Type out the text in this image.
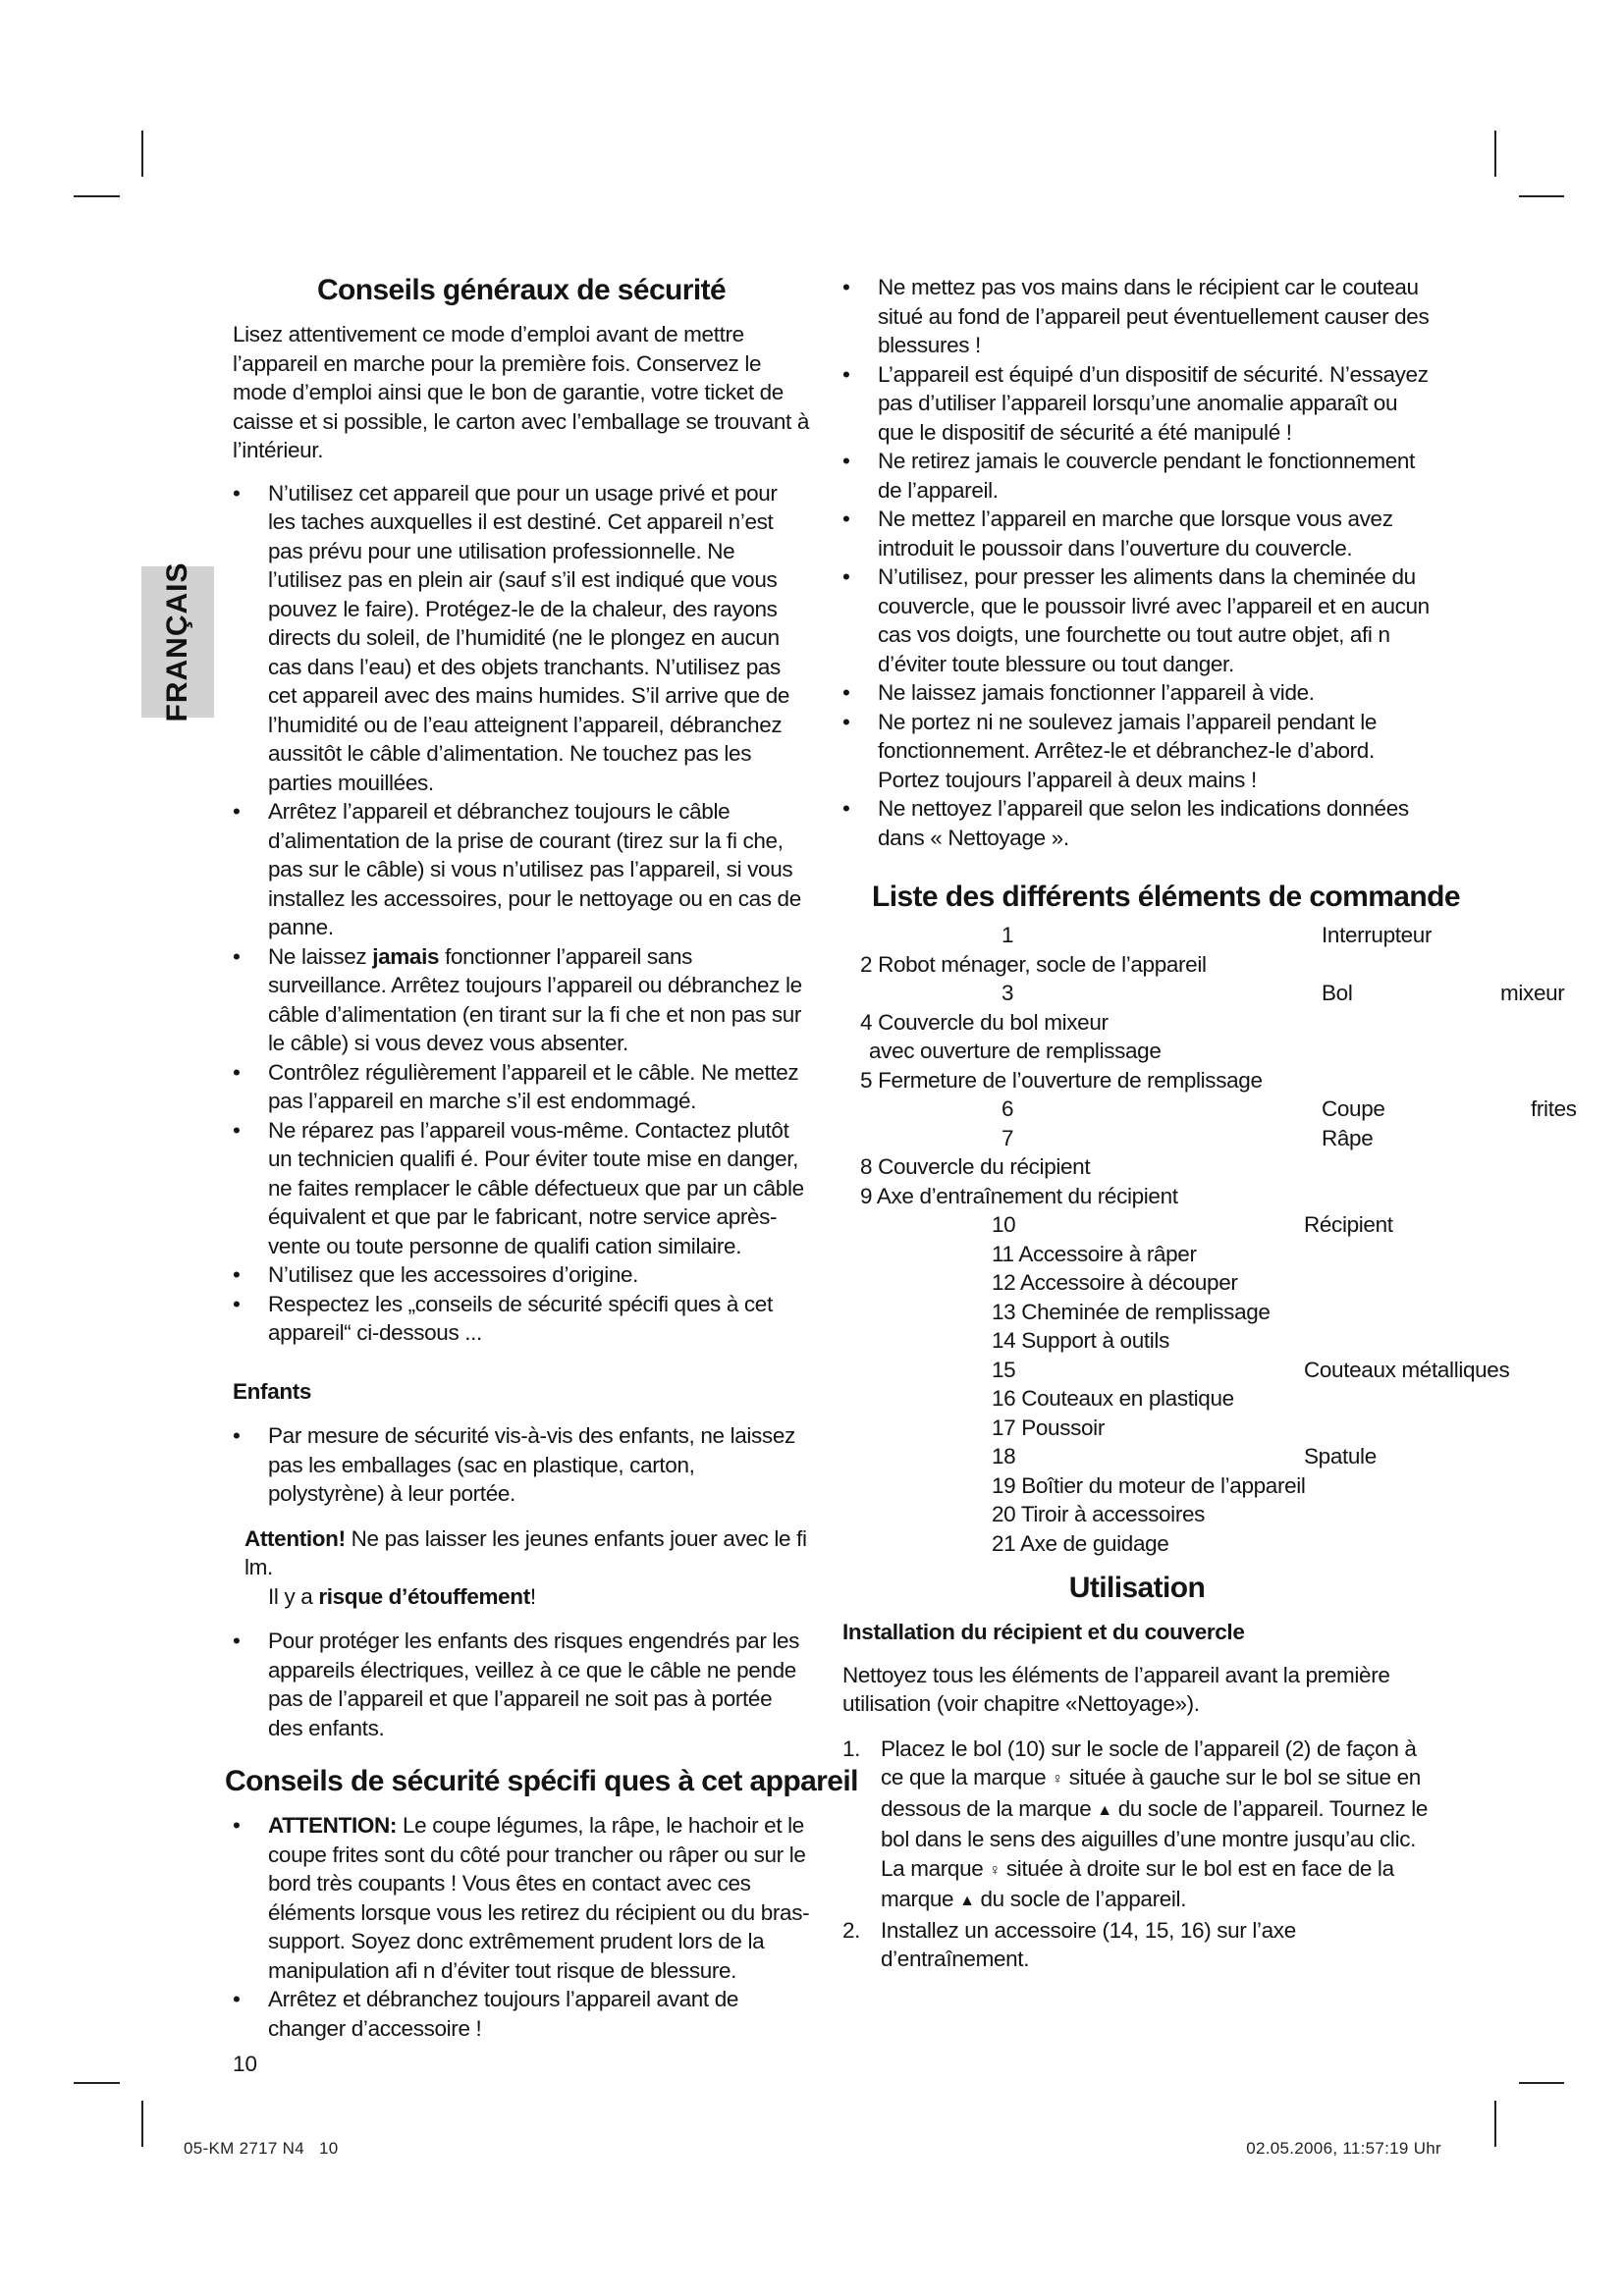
FRANÇAIS
Conseils généraux de sécurité

Lisez attentivement ce mode d’emploi avant de mettre l’appareil en marche pour la première fois. Conservez le mode d’emploi ainsi que le bon de garantie, votre ticket de caisse et si possible, le carton avec l’emballage se trouvant à l’intérieur.

• N’utilisez cet appareil que pour un usage privé et pour les taches auxquelles il est destiné. Cet appareil n’est pas prévu pour une utilisation professionnelle. Ne l’utilisez pas en plein air (sauf s’il est indiqué que vous pouvez le faire). Protégez-le de la chaleur, des rayons directs du soleil, de l’humidité (ne le plongez en aucun cas dans l’eau) et des objets tranchants. N’utilisez pas cet appareil avec des mains humides. S’il arrive que de l’humidité ou de l’eau atteignent l’appareil, débranchez aussitôt le câble d’alimentation. Ne touchez pas les parties mouillées.
• Arrêtez l’appareil et débranchez toujours le câble d’alimentation de la prise de courant (tirez sur la fi che, pas sur le câble) si vous n’utilisez pas l’appareil, si vous installez les accessoires, pour le nettoyage ou en cas de panne.
• Ne laissez jamais fonctionner l’appareil sans surveillance. Arrêtez toujours l’appareil ou débranchez le câble d’alimentation (en tirant sur la fi che et non pas sur le câble) si vous devez vous absenter.
• Contrôlez régulièrement l’appareil et le câble. Ne mettez pas l’appareil en marche s’il est endommagé.
• Ne réparez pas l’appareil vous-même. Contactez plutôt un technicien qualifi é. Pour éviter toute mise en danger, ne faites remplacer le câble défectueux que par un câble équivalent et que par le fabricant, notre service après-vente ou toute personne de qualifi cation similaire.
• N’utilisez que les accessoires d’origine.
• Respectez les „conseils de sécurité spécifi ques à cet appareil“ ci-dessous ...
Enfants
• Par mesure de sécurité vis-à-vis des enfants, ne laissez pas les emballages (sac en plastique, carton, polystyrène) à leur portée.
Attention! Ne pas laisser les jeunes enfants jouer avec le fi lm.
Il y a risque d’étouffement!
• Pour protéger les enfants des risques engendrés par les appareils électriques, veillez à ce que le câble ne pende pas de l’appareil et que l’appareil ne soit pas à portée des enfants.
Conseils de sécurité spécifi ques à cet appareil
• ATTENTION: Le coupe légumes, la râpe, le hachoir et le coupe frites sont du côté pour trancher ou râper ou sur le bord très coupants ! Vous êtes en contact avec ces éléments lorsque vous les retirez du récipient ou du bras-support. Soyez donc extrêmement prudent lors de la manipulation afi n d’éviter tout risque de blessure.
• Arrêtez et débranchez toujours l’appareil avant de changer d’accessoire !
• Ne mettez pas vos mains dans le récipient car le couteau situé au fond de l’appareil peut éventuellement causer des blessures !
• L’appareil est équipé d’un dispositif de sécurité. N’essayez pas d’utiliser l’appareil lorsqu’une anomalie apparaît ou que le dispositif de sécurité a été manipulé !
• Ne retirez jamais le couvercle pendant le fonctionnement de l’appareil.
• Ne mettez l’appareil en marche que lorsque vous avez introduit le poussoir dans l’ouverture du couvercle.
• N’utilisez, pour presser les aliments dans la cheminée du couvercle, que le poussoir livré avec l’appareil et en aucun cas vos doigts, une fourchette ou tout autre objet, afi n d’éviter toute blessure ou tout danger.
• Ne laissez jamais fonctionner l’appareil à vide.
• Ne portez ni ne soulevez jamais l’appareil pendant le fonctionnement. Arrêtez-le et débranchez-le d’abord. Portez toujours l’appareil à deux mains !
• Ne nettoyez l’appareil que selon les indications données dans « Nettoyage ».
Liste des différents éléments de commande
1	Interrupteur
2 Robot ménager, socle de l’appareil
3	Bol	mixeur
4 Couvercle du bol mixeur
avec ouverture de remplissage
5 Fermeture de l’ouverture de remplissage
6	Coupe	frites
7	Râpe
8 Couvercle du récipient
9 Axe d’entraînement du récipient
10	Récipient
11 Accessoire à râper
12 Accessoire à découper
13 Cheminée de remplissage
14 Support à outils
15	Couteaux métalliques
16 Couteaux en plastique
17 Poussoir
18	Spatule
19 Boîtier du moteur de l’appareil
20 Tiroir à accessoires
21 Axe de guidage
Utilisation
Installation du récipient et du couvercle

Nettoyez tous les éléments de l’appareil avant la première utilisation (voir chapitre «Nettoyage»).

1. Placez le bol (10) sur le socle de l’appareil (2) de façon à ce que la marque ♀ située à gauche sur le bol se situe en dessous de la marque ▲ du socle de l’appareil. Tournez le bol dans le sens des aiguilles d’une montre jusqu’au clic. La marque ♀ située à droite sur le bol est en face de la marque ▲ du socle de l’appareil.
2. Installez un accessoire (14, 15, 16) sur l’axe d’entraînement.
10
05-KM 2717 N4   10	02.05.2006, 11:57:19 Uhr
